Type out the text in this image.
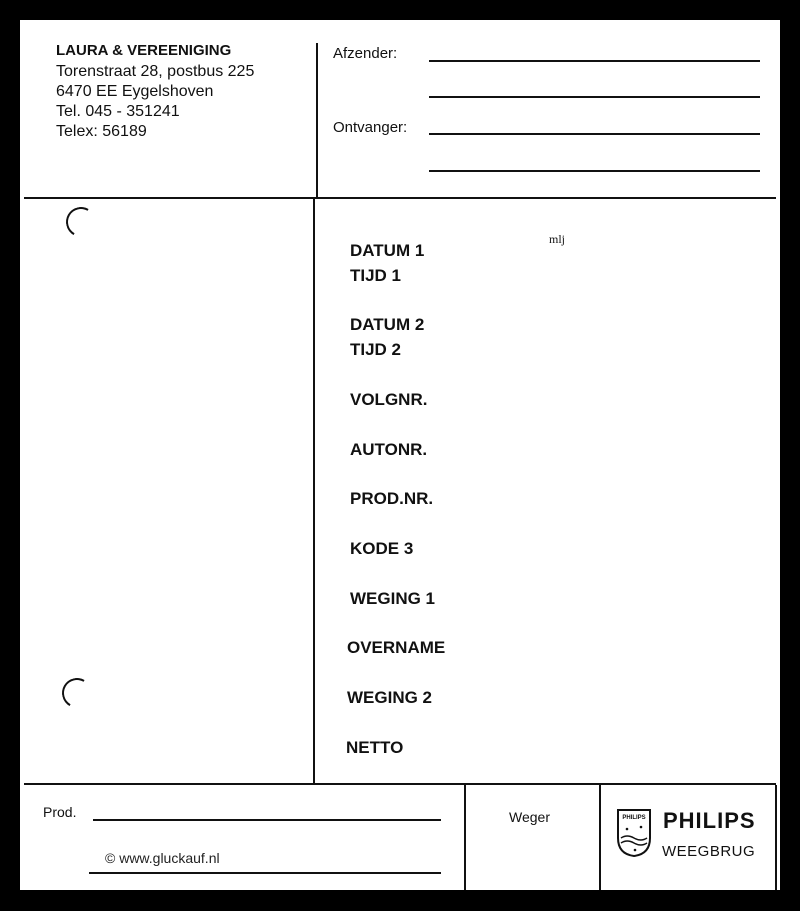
LAURA & VEREENIGING
Torenstraat 28, postbus 225
6470 EE Eygelshoven
Tel. 045 - 351241
Telex: 56189
Afzender:
Ontvanger:
mlj
DATUM 1
TIJD 1
DATUM 2
TIJD 2
VOLGNR.
AUTONR.
PROD.NR.
KODE 3
WEGING 1
OVERNAME
WEGING 2
NETTO
Prod.
© www.gluckauf.nl
Weger	PHILIPS PHILIPS
WEEGBRUG
